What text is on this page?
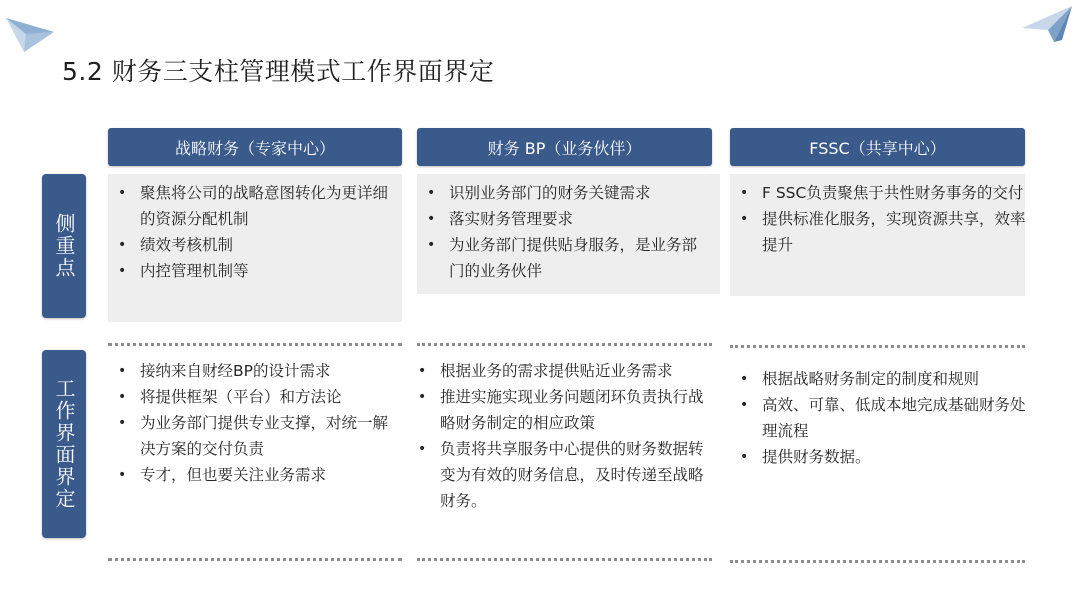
5.2 财务三支柱管理模式工作界面界定
战略财务（专家中心）	财务 BP（业务伙伴）	FSSC（共享中心）
侧重点
工作界面界定
• 聚焦将公司的战略意图转化为更详细的资源分配机制
• 绩效考核机制
• 内控管理机制等
• 识别业务部门的财务关键需求
• 落实财务管理要求
• 为业务部门提供贴身服务，是业务部门的业务伙伴
• F SSC负责聚焦于共性财务事务的交付
• 提供标准化服务，实现资源共享，效率提升
• 接纳来自财经BP的设计需求
• 将提供框架（平台）和方法论
• 为业务部门提供专业支撑，对统一解决方案的交付负责
• 专才，但也要关注业务需求
• 根据业务的需求提供贴近业务需求
• 推进实施实现业务问题闭环负责执行战略财务制定的相应政策
• 负责将共享服务中心提供的财务数据转变为有效的财务信息，及时传递至战略财务。
• 根据战略财务制定的制度和规则
• 高效、可靠、低成本地完成基础财务处理流程
• 提供财务数据。
